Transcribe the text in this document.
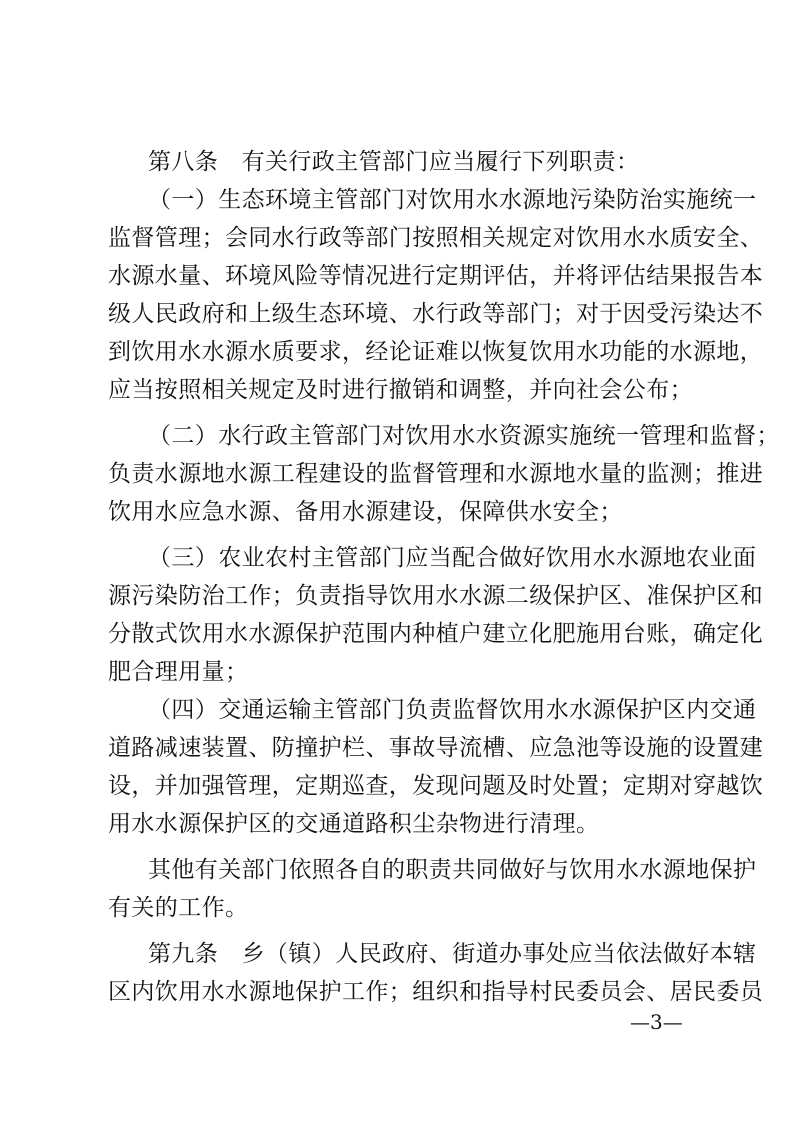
第八条　有关行政主管部门应当履行下列职责：
（一）生态环境主管部门对饮用水水源地污染防治实施统一
监督管理；会同水行政等部门按照相关规定对饮用水水质安全、
水源水量、环境风险等情况进行定期评估，并将评估结果报告本
级人民政府和上级生态环境、水行政等部门；对于因受污染达不
到饮用水水源水质要求，经论证难以恢复饮用水功能的水源地，
应当按照相关规定及时进行撤销和调整，并向社会公布；
（二）水行政主管部门对饮用水水资源实施统一管理和监督；
负责水源地水源工程建设的监督管理和水源地水量的监测；推进
饮用水应急水源、备用水源建设，保障供水安全；
（三）农业农村主管部门应当配合做好饮用水水源地农业面
源污染防治工作；负责指导饮用水水源二级保护区、准保护区和
分散式饮用水水源保护范围内种植户建立化肥施用台账，确定化
肥合理用量；
（四）交通运输主管部门负责监督饮用水水源保护区内交通
道路减速装置、防撞护栏、事故导流槽、应急池等设施的设置建
设，并加强管理，定期巡查，发现问题及时处置；定期对穿越饮
用水水源保护区的交通道路积尘杂物进行清理。
其他有关部门依照各自的职责共同做好与饮用水水源地保护
有关的工作。
第九条　乡（镇）人民政府、街道办事处应当依法做好本辖
区内饮用水水源地保护工作；组织和指导村民委员会、居民委员
—3—
